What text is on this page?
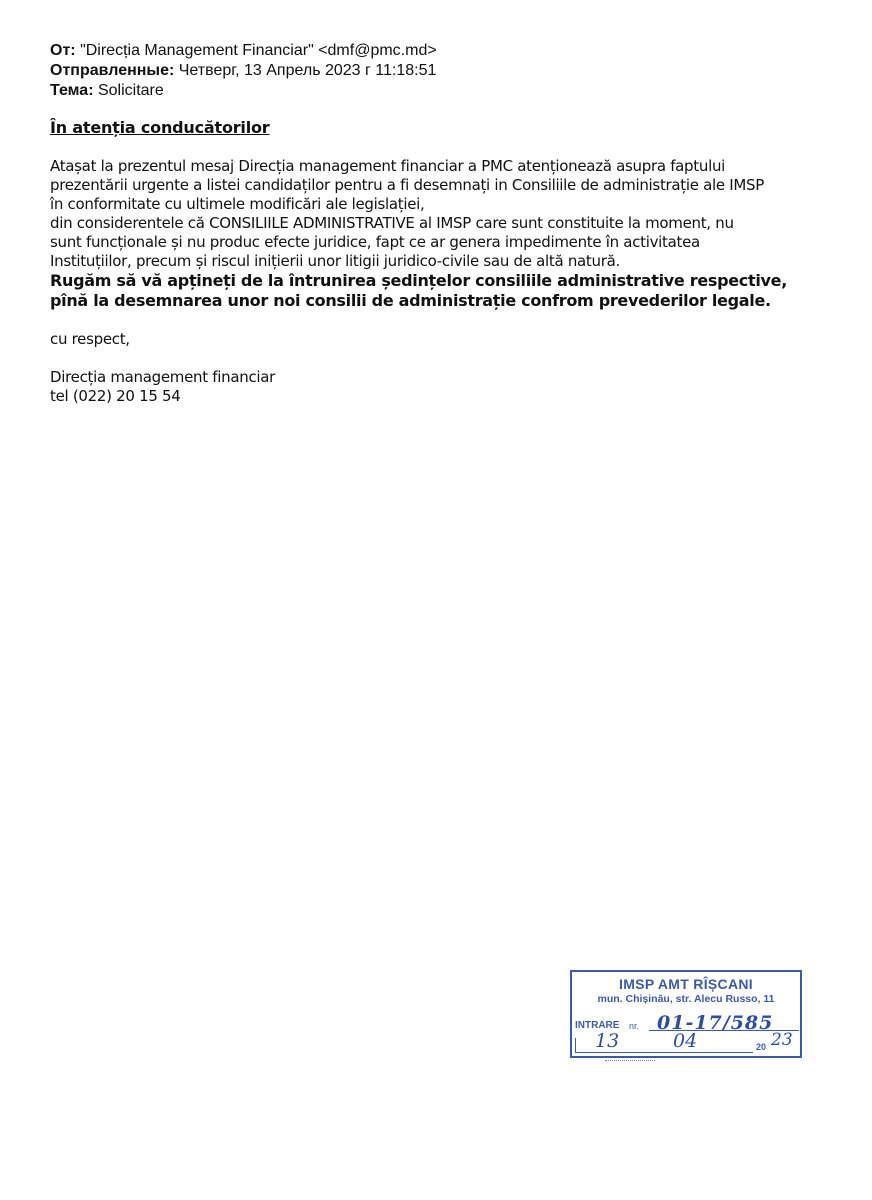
От: "Direcția Management Financiar" <dmf@pmc.md>
Отправленные: Четверг, 13 Апрель 2023 г 11:18:51
Тема: Solicitare
În atenția conducătorilor

Atașat la prezentul mesaj Direcția management financiar a PMC atenționează asupra faptului

prezentării urgente a listei candidaților pentru a fi desemnați in Consiliile de administrație ale IMSP

în conformitate cu ultimele modificări ale legislației,

din considerentele că CONSILIILE ADMINISTRATIVE al IMSP care sunt constituite la moment, nu

sunt funcționale și nu produc efecte juridice, fapt ce ar genera impedimente în activitatea

Instituțiilor, precum și riscul inițierii unor litigii juridico-civile sau de altă natură.

Rugăm să vă apțineți de la întrunirea ședințelor consiliile administrative respective,

pînă la desemnarea unor noi consilii de administrație confrom prevederilor legale.

cu respect,
Direcția management financiar
tel (022) 20 15 54
IMSP AMT RÎȘCANI
mun. Chișinău, str. Alecu Russo, 11
INTRARE nr. 01-17/585
13	04	20 23
